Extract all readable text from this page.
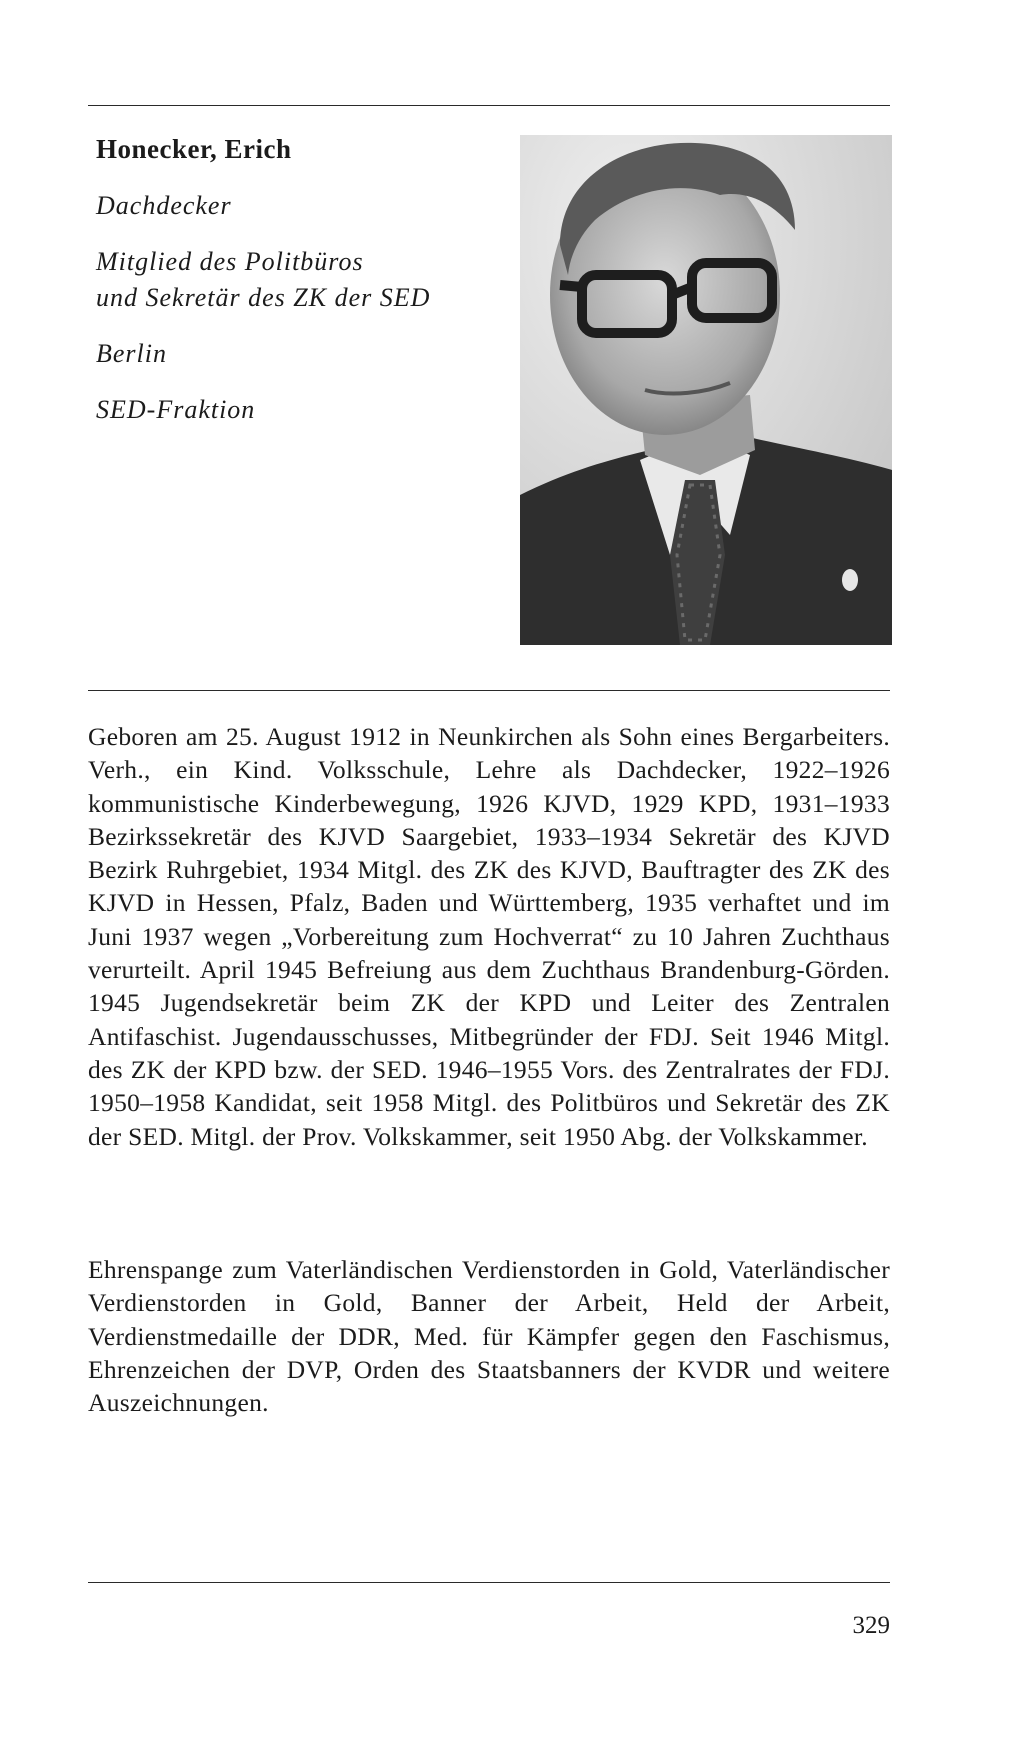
Honecker, Erich
Dachdecker
Mitglied des Politbüros
und Sekretär des ZK der SED
Berlin
SED-Fraktion

Geboren am 25. August 1912 in Neunkirchen als Sohn eines Bergarbeiters. Verh., ein Kind. Volksschule, Lehre als Dachdecker, 1922–1926 kommunistische Kinderbewegung, 1926 KJVD, 1929 KPD, 1931–1933 Bezirkssekretär des KJVD Saargebiet, 1933–1934 Sekretär des KJVD Bezirk Ruhrgebiet, 1934 Mitgl. des ZK des KJVD, Bauftragter des ZK des KJVD in Hessen, Pfalz, Baden und Württemberg, 1935 verhaftet und im Juni 1937 wegen „Vorbereitung zum Hochverrat“ zu 10 Jahren Zuchthaus verurteilt. April 1945 Befreiung aus dem Zuchthaus Brandenburg-Görden. 1945 Jugendsekretär beim ZK der KPD und Leiter des Zentralen Antifaschist. Jugendausschusses, Mitbegründer der FDJ. Seit 1946 Mitgl. des ZK der KPD bzw. der SED. 1946–1955 Vors. des Zentralrates der FDJ. 1950–1958 Kandidat, seit 1958 Mitgl. des Politbüros und Sekretär des ZK der SED. Mitgl. der Prov. Volkskammer, seit 1950 Abg. der Volkskammer.

Ehrenspange zum Vaterländischen Verdienstorden in Gold, Vaterländischer Verdienstorden in Gold, Banner der Arbeit, Held der Arbeit, Verdienstmedaille der DDR, Med. für Kämpfer gegen den Faschismus, Ehrenzeichen der DVP, Orden des Staatsbanners der KVDR und weitere Auszeichnungen.

329
